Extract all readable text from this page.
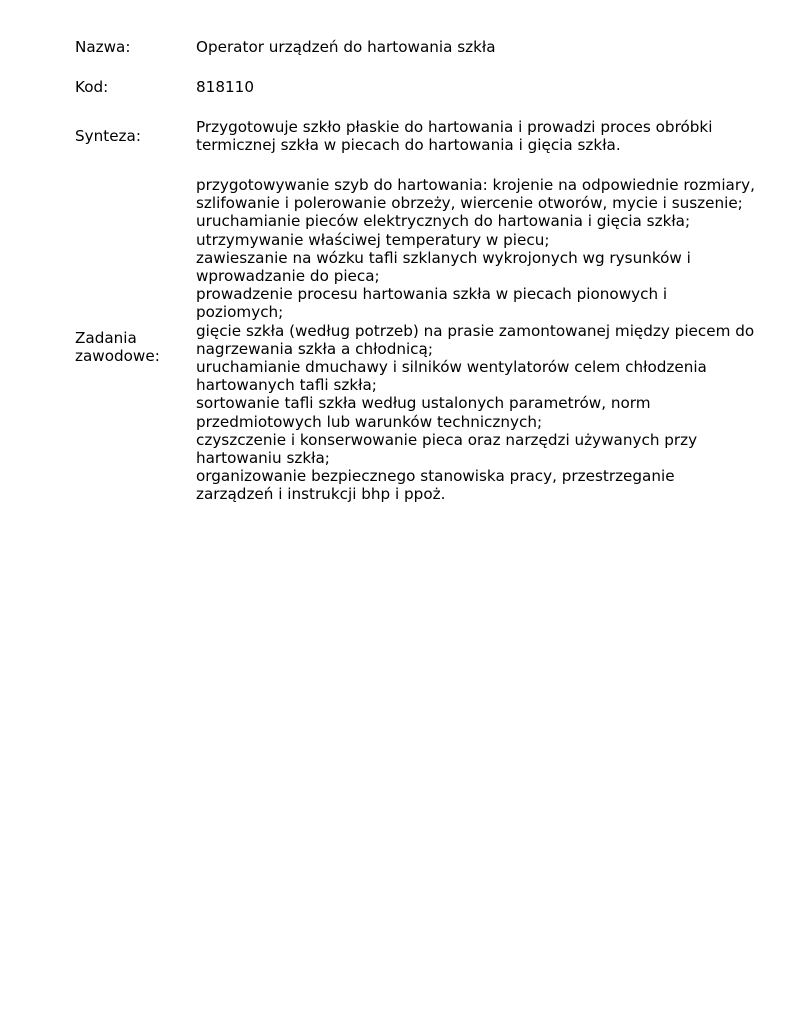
Nazwa:	Operator urządzeń do hartowania szkła
Kod:	818110
Synteza:	Przygotowuje szkło płaskie do hartowania i prowadzi proces obróbki termicznej szkła w piecach do hartowania i gięcia szkła.
Zadania
zawodowe:
przygotowywanie szyb do hartowania: krojenie na odpowiednie rozmiary, szlifowanie i polerowanie obrzeży, wiercenie otworów, mycie i suszenie;
uruchamianie pieców elektrycznych do hartowania i gięcia szkła;
utrzymywanie właściwej temperatury w piecu;
zawieszanie na wózku tafli szklanych wykrojonych wg rysunków i wprowadzanie do pieca;
prowadzenie procesu hartowania szkła w piecach pionowych i poziomych;
gięcie szkła (według potrzeb) na prasie zamontowanej między piecem do nagrzewania szkła a chłodnicą;
uruchamianie dmuchawy i silników wentylatorów celem chłodzenia hartowanych tafli szkła;
sortowanie tafli szkła według ustalonych parametrów, norm przedmiotowych lub warunków technicznych;
czyszczenie i konserwowanie pieca oraz narzędzi używanych przy hartowaniu szkła;
organizowanie bezpiecznego stanowiska pracy, przestrzeganie zarządzeń i instrukcji bhp i ppoż.
